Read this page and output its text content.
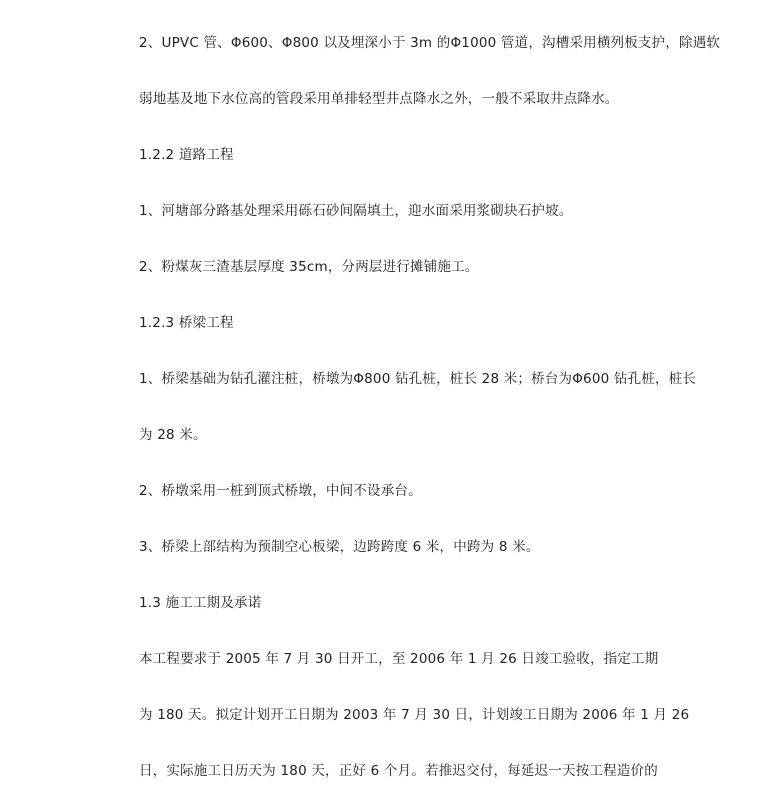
2、UPVC 管、Φ600、Φ800 以及埋深小于 3m 的Φ1000 管道，沟槽采用横列板支护，除遇软
弱地基及地下水位高的管段采用单排轻型井点降水之外，一般不采取井点降水。
1.2.2 道路工程
1、河塘部分路基处理采用砾石砂间隔填土，迎水面采用浆砌块石护坡。
2、粉煤灰三渣基层厚度 35cm，分两层进行摊铺施工。
1.2.3 桥梁工程
1、桥梁基础为钻孔灌注桩，桥墩为Φ800 钻孔桩，桩长 28 米；桥台为Φ600 钻孔桩，桩长
为 28 米。
2、桥墩采用一桩到顶式桥墩，中间不设承台。
3、桥梁上部结构为预制空心板梁，边跨跨度 6 米，中跨为 8 米。
1.3 施工工期及承诺
本工程要求于 2005 年 7 月 30 日开工，至 2006 年 1 月 26 日竣工验收，指定工期
为 180 天。拟定计划开工日期为 2003 年 7 月 30 日，计划竣工日期为 2006 年 1 月 26
日，实际施工日历天为 180 天，正好 6 个月。若推迟交付，每延迟一天按工程造价的
